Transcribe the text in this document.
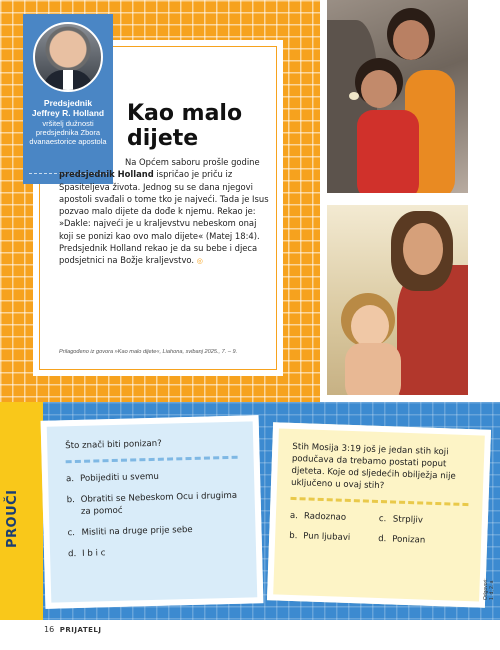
Predsjednik
Jeffrey R. Holland
vršitelj dužnosti predsjednika Zbora dvanaestorice apostola
Kao malo dijete
Na Općem saboru prošle godine predsjednik Holland ispričao je priču iz Spasiteljeva života. Jednog su se dana njegovi apostoli svađali o tome tko je najveći. Tada je Isus pozvao malo dijete da dođe k njemu. Rekao je: »Dakle: najveći je u kraljevstvu nebeskom onaj koji se ponizi kao ovo malo dijete« (Matej 18:4). Predsjednik Holland rekao je da su bebe i djeca podsjetnici na Božje kraljevstvo. ◎
Prilagođeno iz govora »Kao malo dijete«, Liahona, svibanj 2025., 7. – 9.
PROUČI
Što znači biti ponizan?
a. Pobijediti u svemu
b. Obratiti se Nebeskom Ocu i drugima za pomoć
c. Misliti na druge prije sebe
d. I b i c
Stih Mosija 3:19 još je jedan stih koji podučava da trebamo postati poput djeteta. Koje od sljedećih obilježja nije uključeno u ovaj stih?
a. Radoznao	c. Strpljiv
b. Pun ljubavi	d. Ponizan
16 PRIJATELJ
Odgovori: 1. d; 2. a
